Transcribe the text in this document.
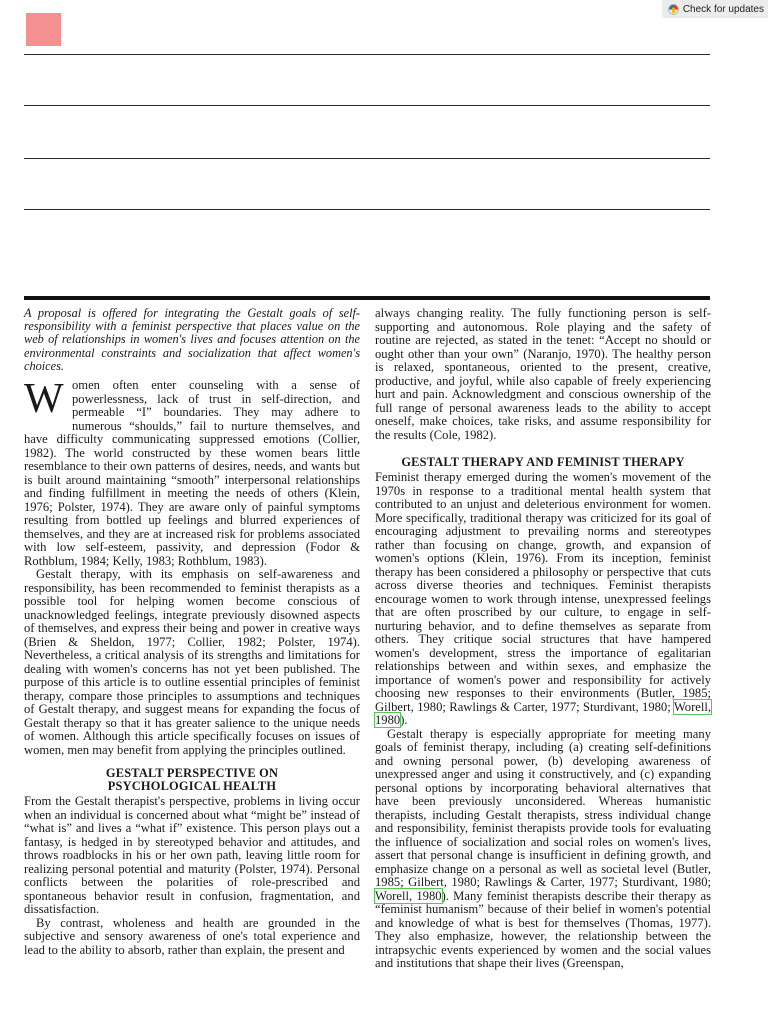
Check for updates

A proposal is offered for integrating the Gestalt goals of self-responsibility with a feminist perspective that places value on the web of relationships in women's lives and focuses attention on the environmental constraints and socialization that affect women's choices.

W omen often enter counseling with a sense of powerlessness, lack of trust in self-direction, and permeable “I” boundaries. They may adhere to numerous “shoulds,” fail to nurture themselves, and have difficulty communicating suppressed emotions (Collier, 1982). The world constructed by these women bears little resemblance to their own patterns of desires, needs, and wants but is built around maintaining “smooth” interpersonal relationships and finding fulfillment in meeting the needs of others (Klein, 1976; Polster, 1974). They are aware only of painful symptoms resulting from bottled up feelings and blurred experiences of themselves, and they are at increased risk for problems associated with low self-esteem, passivity, and depression (Fodor & Rothblum, 1984; Kelly, 1983; Rothblum, 1983).

Gestalt therapy, with its emphasis on self-awareness and responsibility, has been recommended to feminist therapists as a possible tool for helping women become conscious of unacknowledged feelings, integrate previously disowned aspects of themselves, and express their being and power in creative ways (Brien & Sheldon, 1977; Collier, 1982; Polster, 1974). Nevertheless, a critical analysis of its strengths and limitations for dealing with women's concerns has not yet been published. The purpose of this article is to outline essential principles of feminist therapy, compare those principles to assumptions and techniques of Gestalt therapy, and suggest means for expanding the focus of Gestalt therapy so that it has greater salience to the unique needs of women. Although this article specifically focuses on issues of women, men may benefit from applying the principles outlined.

GESTALT PERSPECTIVE ON
PSYCHOLOGICAL HEALTH

From the Gestalt therapist's perspective, problems in living occur when an individual is concerned about what “might be” instead of “what is” and lives a “what if” existence. This person plays out a fantasy, is hedged in by stereotyped behavior and attitudes, and throws roadblocks in his or her own path, leaving little room for realizing personal potential and maturity (Polster, 1974). Personal conflicts between the polarities of role-prescribed and spontaneous behavior result in confusion, fragmentation, and dissatisfaction.

By contrast, wholeness and health are grounded in the subjective and sensory awareness of one's total experience and lead to the ability to absorb, rather than explain, the present and

always changing reality. The fully functioning person is self-supporting and autonomous. Role playing and the safety of routine are rejected, as stated in the tenet: “Accept no should or ought other than your own” (Naranjo, 1970). The healthy person is relaxed, spontaneous, oriented to the present, creative, productive, and joyful, while also capable of freely experiencing hurt and pain. Acknowledgment and conscious ownership of the full range of personal awareness leads to the ability to accept oneself, make choices, take risks, and assume responsibility for the results (Cole, 1982).

GESTALT THERAPY AND FEMINIST THERAPY

Feminist therapy emerged during the women's movement of the 1970s in response to a traditional mental health system that contributed to an unjust and deleterious environment for women. More specifically, traditional therapy was criticized for its goal of encouraging adjustment to prevailing norms and stereotypes rather than focusing on change, growth, and expansion of women's options (Klein, 1976). From its inception, feminist therapy has been considered a philosophy or perspective that cuts across diverse theories and techniques. Feminist therapists encourage women to work through intense, unexpressed feelings that are often proscribed by our culture, to engage in self-nurturing behavior, and to define themselves as separate from others. They critique social structures that have hampered women's development, stress the importance of egalitarian relationships between and within sexes, and emphasize the importance of women's power and responsibility for actively choosing new responses to their environments (Butler, 1985; Gilbert, 1980; Rawlings & Carter, 1977; Sturdivant, 1980; Worell, 1980).

Gestalt therapy is especially appropriate for meeting many goals of feminist therapy, including (a) creating self-definitions and owning personal power, (b) developing awareness of unexpressed anger and using it constructively, and (c) expanding personal options by incorporating behavioral alternatives that have been previously unconsidered. Whereas humanistic therapists, including Gestalt therapists, stress individual change and responsibility, feminist therapists provide tools for evaluating the influence of socialization and social roles on women's lives, assert that personal change is insufficient in defining growth, and emphasize change on a personal as well as societal level (Butler, 1985; Gilbert, 1980; Rawlings & Carter, 1977; Sturdivant, 1980; Worell, 1980). Many feminist therapists describe their therapy as “feminist humanism” because of their belief in women's potential and knowledge of what is best for themselves (Thomas, 1977). They also emphasize, however, the relationship between the intrapsychic events experienced by women and the social values and institutions that shape their lives (Greenspan,
